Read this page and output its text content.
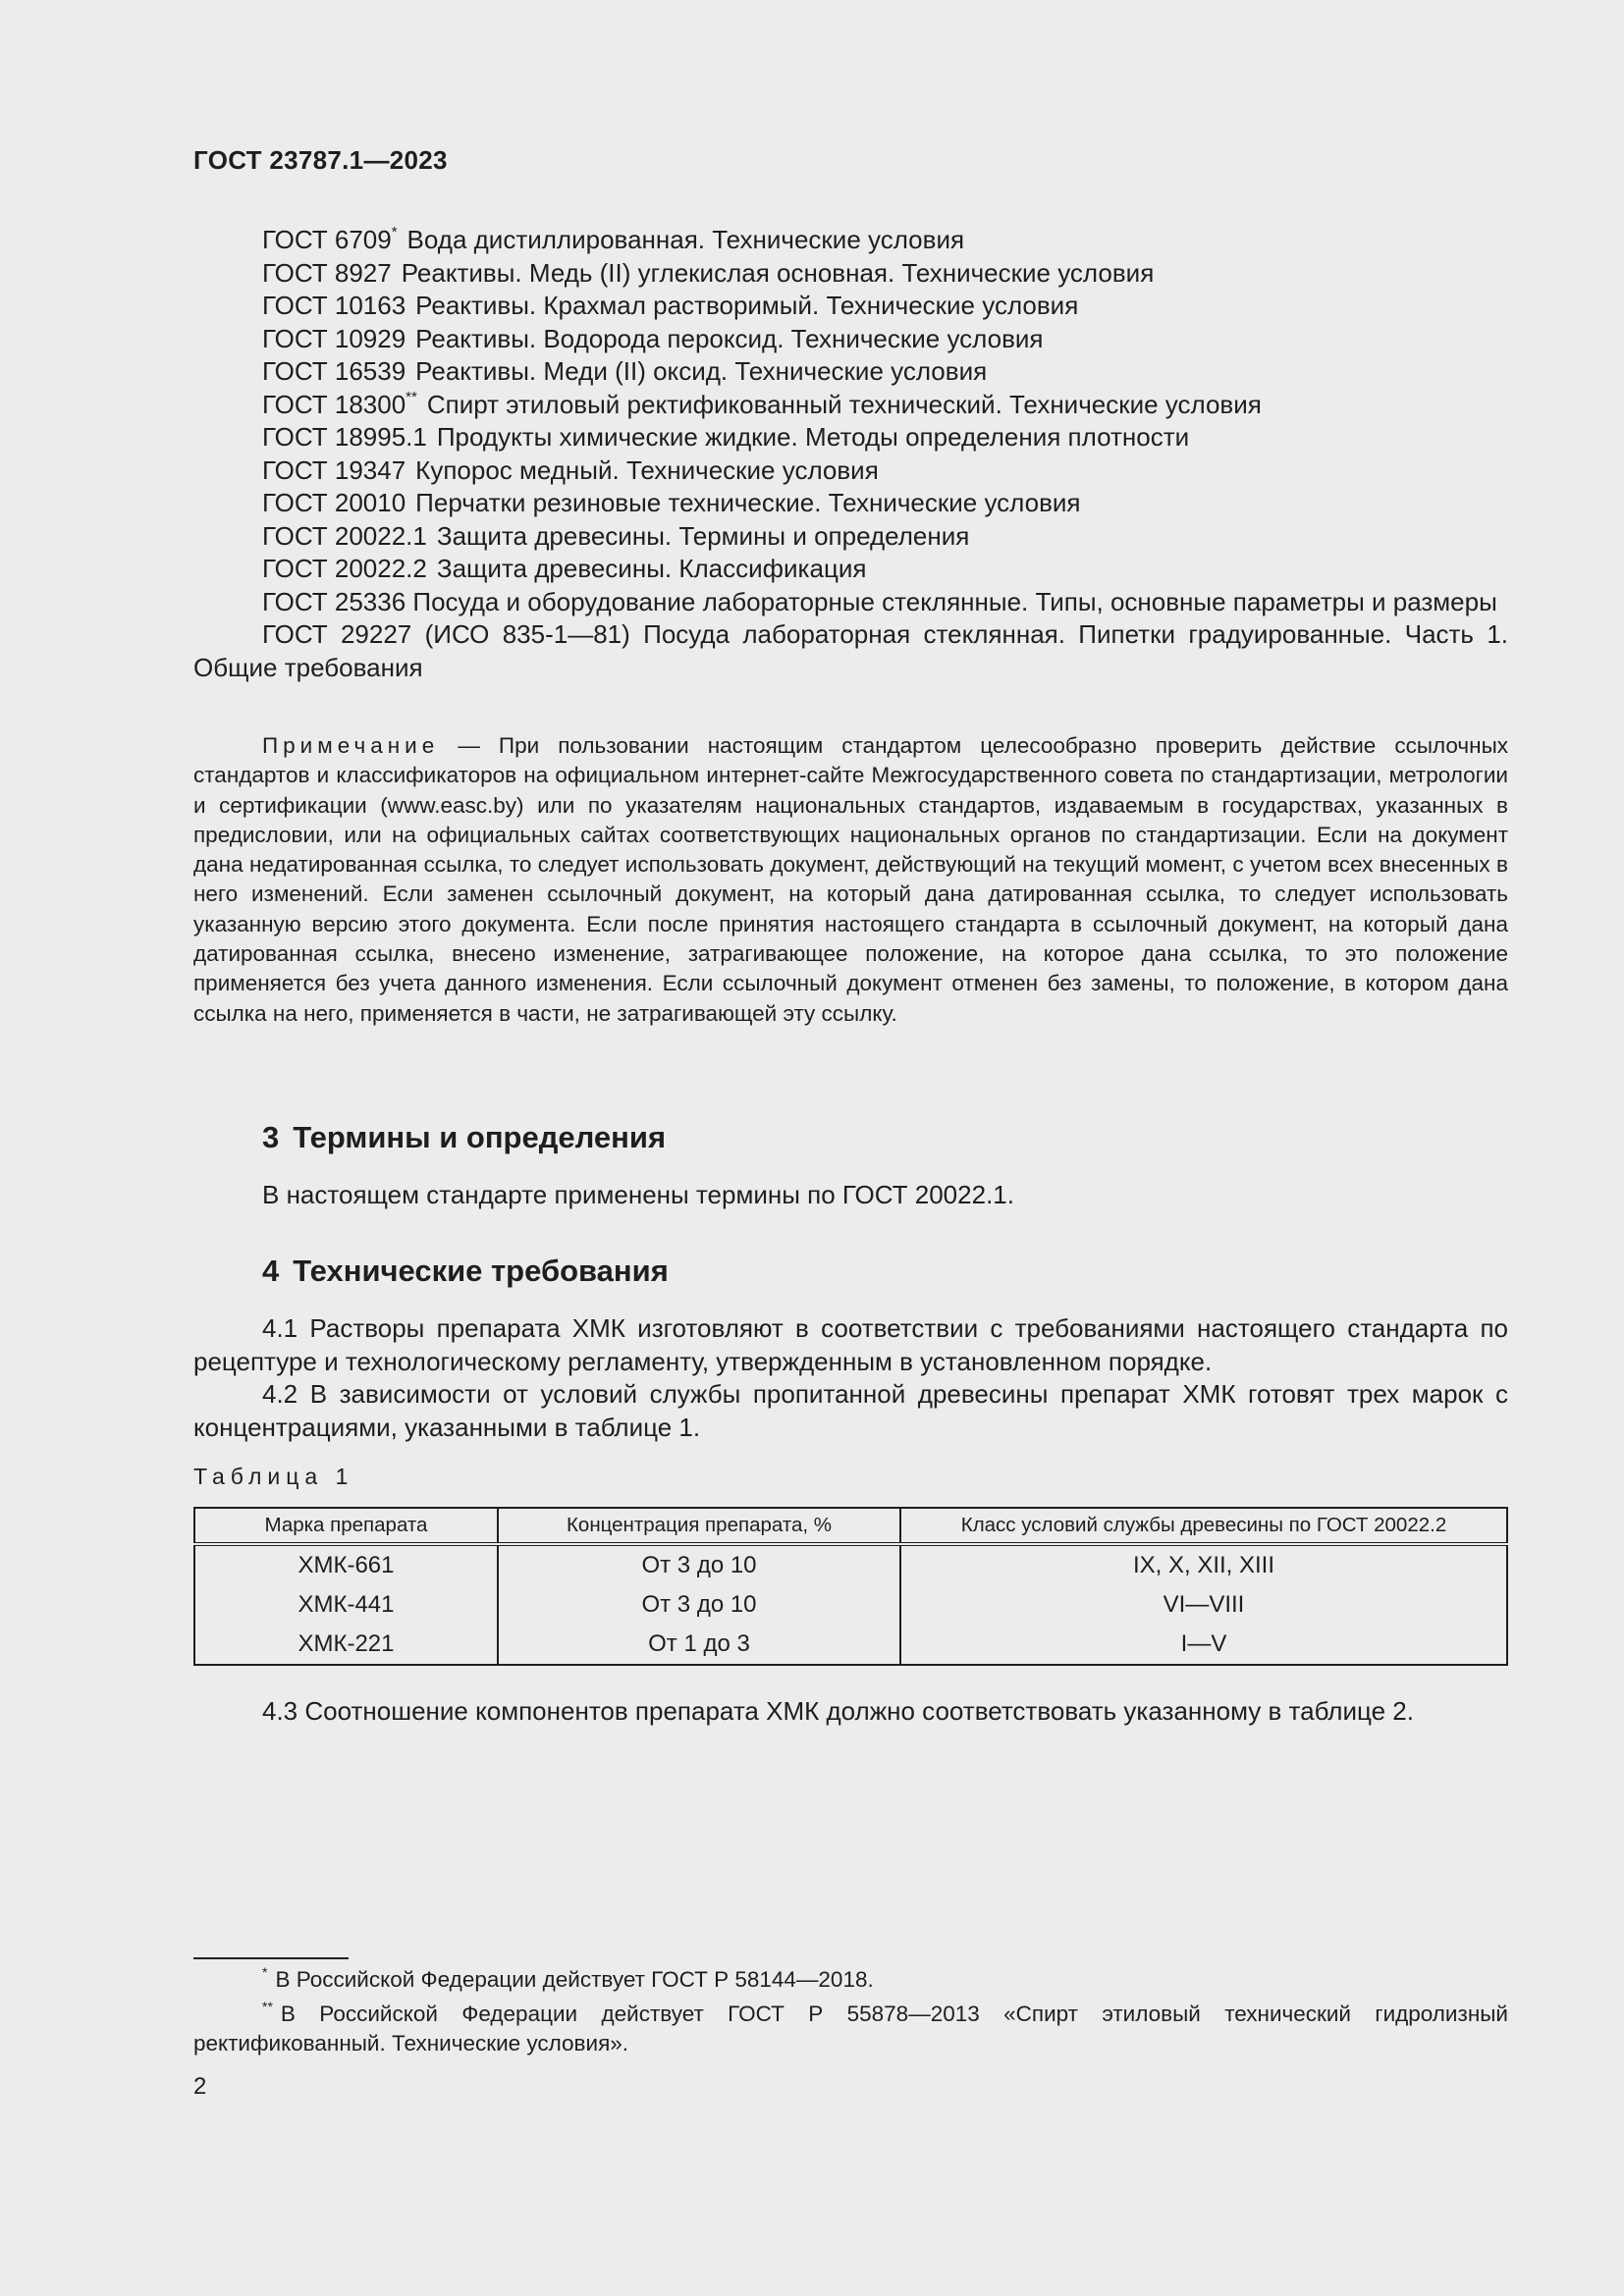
ГОСТ 23787.1—2023
ГОСТ 6709* Вода дистиллированная. Технические условия
ГОСТ 8927 Реактивы. Медь (II) углекислая основная. Технические условия
ГОСТ 10163 Реактивы. Крахмал растворимый. Технические условия
ГОСТ 10929 Реактивы. Водорода пероксид. Технические условия
ГОСТ 16539 Реактивы. Меди (II) оксид. Технические условия
ГОСТ 18300** Спирт этиловый ректификованный технический. Технические условия
ГОСТ 18995.1 Продукты химические жидкие. Методы определения плотности
ГОСТ 19347 Купорос медный. Технические условия
ГОСТ 20010 Перчатки резиновые технические. Технические условия
ГОСТ 20022.1 Защита древесины. Термины и определения
ГОСТ 20022.2 Защита древесины. Классификация
ГОСТ 25336 Посуда и оборудование лабораторные стеклянные. Типы, основные параметры и размеры
ГОСТ 29227 (ИСО 835-1—81) Посуда лабораторная стеклянная. Пипетки градуированные. Часть 1. Общие требования
Примечание — При пользовании настоящим стандартом целесообразно проверить действие ссылочных стандартов и классификаторов на официальном интернет-сайте Межгосударственного совета по стандартизации, метрологии и сертификации (www.easc.by) или по указателям национальных стандартов, издаваемым в государствах, указанных в предисловии, или на официальных сайтах соответствующих национальных органов по стандартизации. Если на документ дана недатированная ссылка, то следует использовать документ, действующий на текущий момент, с учетом всех внесенных в него изменений. Если заменен ссылочный документ, на который дана датированная ссылка, то следует использовать указанную версию этого документа. Если после принятия настоящего стандарта в ссылочный документ, на который дана датированная ссылка, внесено изменение, затрагивающее положение, на которое дана ссылка, то это положение применяется без учета данного изменения. Если ссылочный документ отменен без замены, то положение, в котором дана ссылка на него, применяется в части, не затрагивающей эту ссылку.
3 Термины и определения
В настоящем стандарте применены термины по ГОСТ 20022.1.
4 Технические требования
4.1 Растворы препарата ХМК изготовляют в соответствии с требованиями настоящего стандарта по рецептуре и технологическому регламенту, утвержденным в установленном порядке.
4.2 В зависимости от условий службы пропитанной древесины препарат ХМК готовят трех марок с концентрациями, указанными в таблице 1.
Таблица 1
Марка препарата	Концентрация препарата, %	Класс условий службы древесины по ГОСТ 20022.2
ХМК-661	От 3 до 10	IX, X, XII, XIII
ХМК-441	От 3 до 10	VI—VIII
ХМК-221	От 1 до 3	I—V
4.3 Соотношение компонентов препарата ХМК должно соответствовать указанному в таблице 2.
* В Российской Федерации действует ГОСТ Р 58144—2018.
** В Российской Федерации действует ГОСТ Р 55878—2013 «Спирт этиловый технический гидролизный ректификованный. Технические условия».
2
